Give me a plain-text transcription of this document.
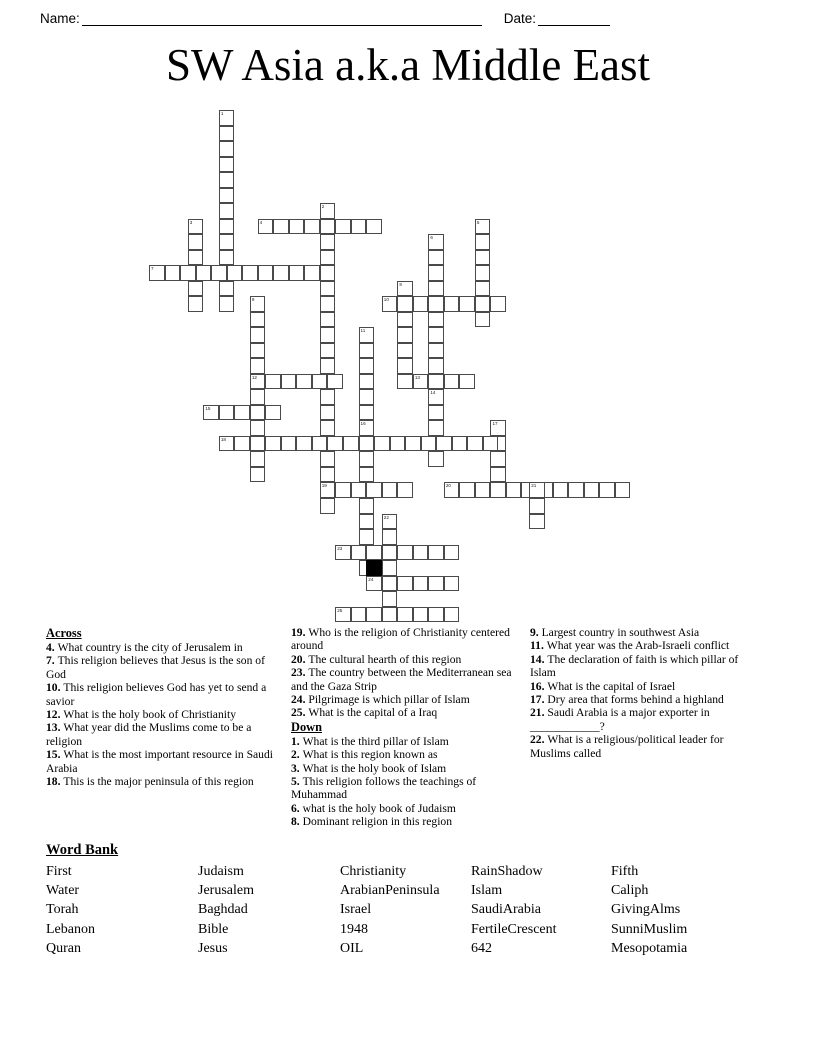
Name:	Date:
SW Asia a.k.a Middle East
1
3	4
2
19
5
6
7
8
9
12
10
11
13
14
15
16	17
18
20	21
22
23
24
25
Across
4. What country is the city of Jerusalem in
7. This religion believes that Jesus is the son of God
10. This religion believes God has yet to send a savior
12. What is the holy book of Christianity
13. What year did the Muslims come to be a religion
15. What is the most important resource in Saudi Arabia
18. This is the major peninsula of this region
19. Who is the religion of Christianity centered around
20. The cultural hearth of this region
23. The country between the Mediterranean sea and the Gaza Strip
24. Pilgrimage is which pillar of Islam
25. What is the capital of a Iraq
Down
1. What is the third pillar of Islam
2. What is this region known as
3. What is the holy book of Islam
5. This religion follows the teachings of Muhammad
6. what is the holy book of Judaism
8. Dominant religion in this region
9. Largest country in southwest Asia
11. What year was the Arab-Israeli conflict
14. The declaration of faith is which pillar of Islam
16. What is the capital of Israel
17. Dry area that forms behind a highland
21. Saudi Arabia is a major exporter in ____________?
22. What is a religious/political leader for Muslims called
Word Bank
First	Judaism	Christianity	RainShadow	Fifth
Water	Jerusalem	ArabianPeninsula	Islam	Caliph
Torah	Baghdad	Israel	SaudiArabia	GivingAlms
Lebanon	Bible	1948	FertileCrescent	SunniMuslim
Quran	Jesus	OIL	642	Mesopotamia
